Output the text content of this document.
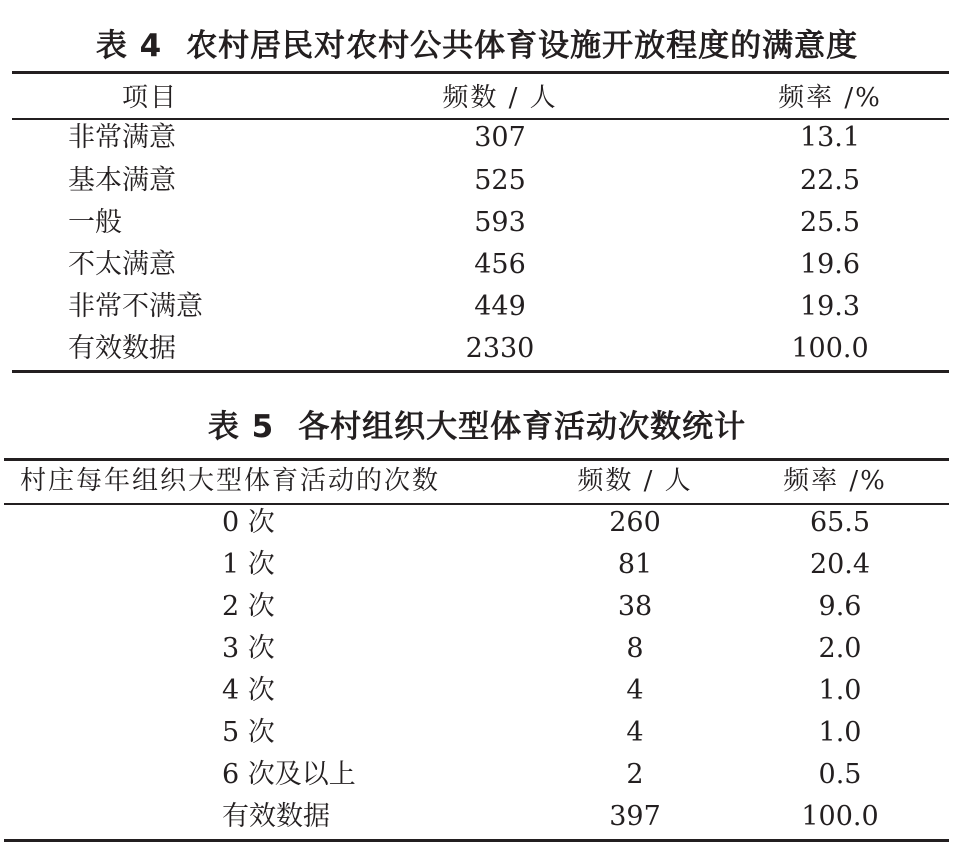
表 4 农村居民对农村公共体育设施开放程度的满意度
项目	频数 / 人	频率 /%
非常满意	307	13.1
基本满意	525	22.5
一般	593	25.5
不太满意	456	19.6
非常不满意	449	19.3
有效数据	2330	100.0
表 5 各村组织大型体育活动次数统计
村庄每年组织大型体育活动的次数	频数 / 人	频率 /%
0 次	260	65.5
1 次	81	20.4
2 次	38	9.6
3 次	8	2.0
4 次	4	1.0
5 次	4	1.0
6 次及以上	2	0.5
有效数据	397	100.0
